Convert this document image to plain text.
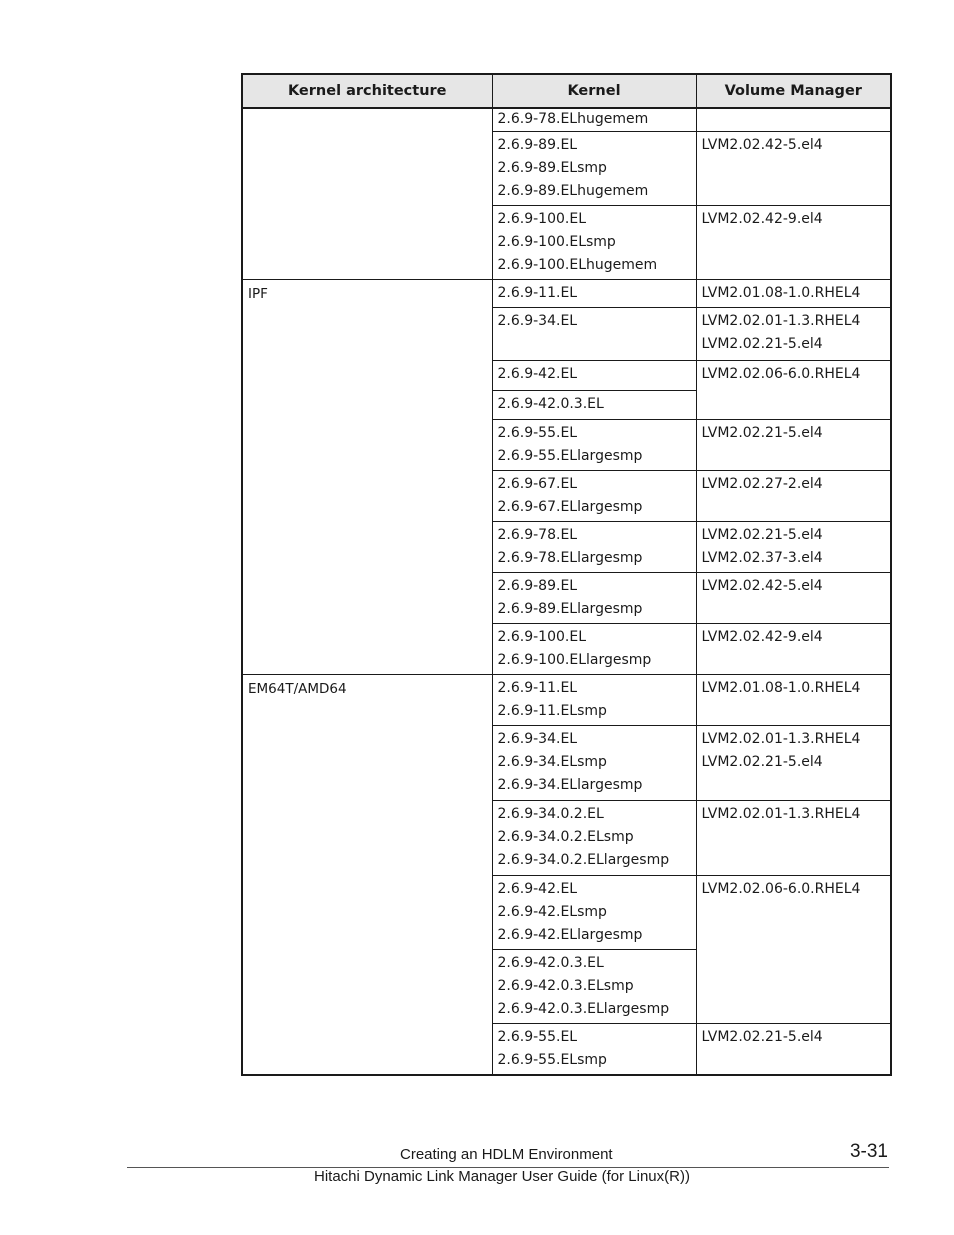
Kernel architecture	Kernel	Volume Manager

	2.6.9-78.ELhugemem	

	2.6.9-89.EL
2.6.9-89.ELsmp
2.6.9-89.ELhugemem	LVM2.02.42-5.el4

	2.6.9-100.EL
2.6.9-100.ELsmp
2.6.9-100.ELhugemem	LVM2.02.42-9.el4

IPF	2.6.9-11.EL	LVM2.01.08-1.0.RHEL4

	2.6.9-34.EL	LVM2.02.01-1.3.RHEL4
LVM2.02.21-5.el4

	2.6.9-42.EL	LVM2.02.06-6.0.RHEL4

	2.6.9-42.0.3.EL	

	2.6.9-55.EL
2.6.9-55.ELlargesmp	LVM2.02.21-5.el4

	2.6.9-67.EL
2.6.9-67.ELlargesmp	LVM2.02.27-2.el4

	2.6.9-78.EL
2.6.9-78.ELlargesmp	LVM2.02.21-5.el4
LVM2.02.37-3.el4

	2.6.9-89.EL
2.6.9-89.ELlargesmp	LVM2.02.42-5.el4

	2.6.9-100.EL
2.6.9-100.ELlargesmp	LVM2.02.42-9.el4

EM64T/AMD64	2.6.9-11.EL
2.6.9-11.ELsmp	LVM2.01.08-1.0.RHEL4

	2.6.9-34.EL
2.6.9-34.ELsmp
2.6.9-34.ELlargesmp	LVM2.02.01-1.3.RHEL4
LVM2.02.21-5.el4

	2.6.9-34.0.2.EL
2.6.9-34.0.2.ELsmp
2.6.9-34.0.2.ELlargesmp	LVM2.02.01-1.3.RHEL4

	2.6.9-42.EL
2.6.9-42.ELsmp
2.6.9-42.ELlargesmp	LVM2.02.06-6.0.RHEL4

	2.6.9-42.0.3.EL
2.6.9-42.0.3.ELsmp
2.6.9-42.0.3.ELlargesmp	

	2.6.9-55.EL
2.6.9-55.ELsmp	LVM2.02.21-5.el4
Creating an HDLM Environment	3-31
Hitachi Dynamic Link Manager User Guide (for Linux(R))
